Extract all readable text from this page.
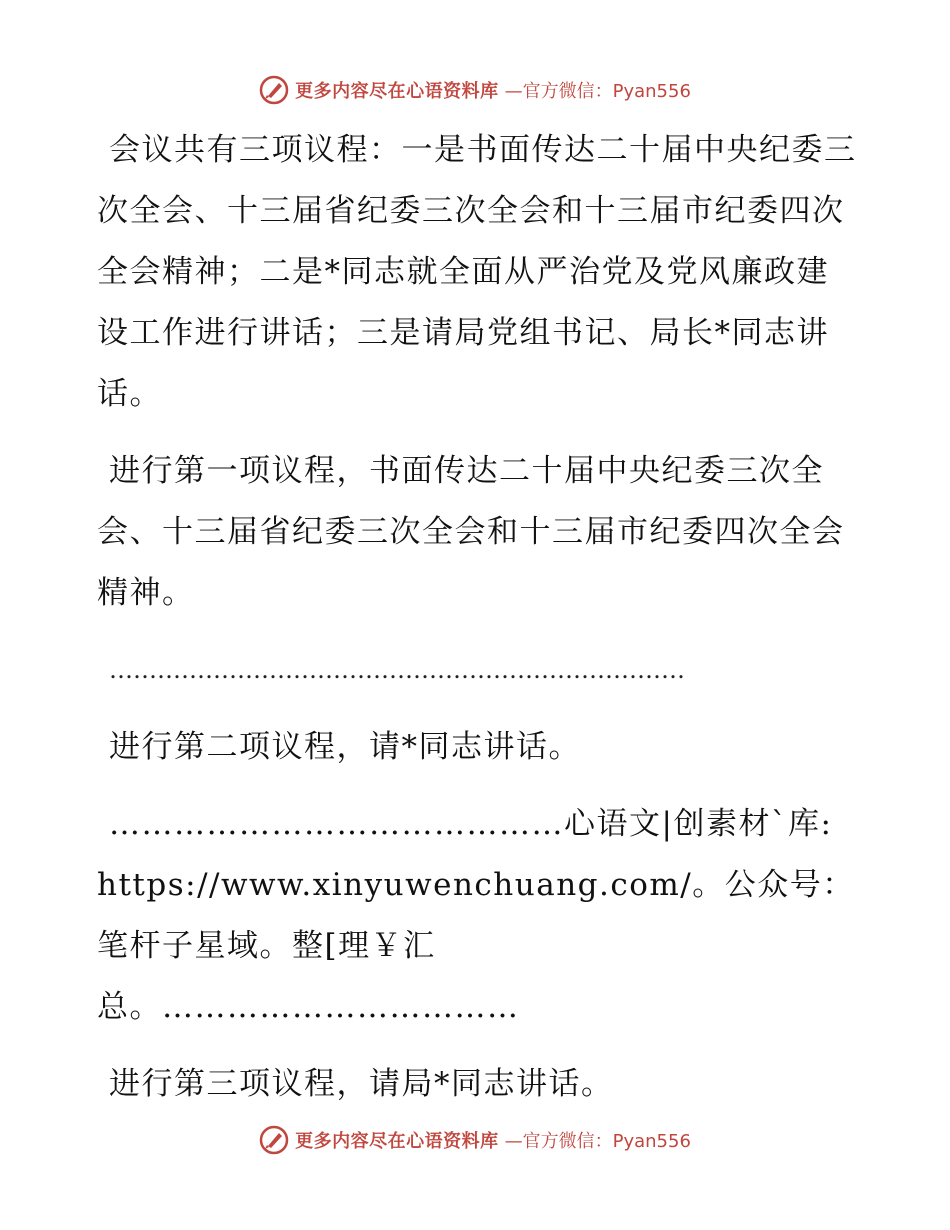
更多内容尽在心语资料库 —官方微信：Pyan556

会议共有三项议程：一是书面传达二十届中央纪委三次全会、十三届省纪委三次全会和十三届市纪委四次全会精神；二是*同志就全面从严治党及党风廉政建设工作进行讲话；三是请局党组书记、局长*同志讲话。

进行第一项议程，书面传达二十届中央纪委三次全会、十三届省纪委三次全会和十三届市纪委四次全会精神。

………………………………………………………………

进行第二项议程，请*同志讲话。

……………………………………心语文|创素材`库: https://www.xinyuwenchuang.com/。公众号：笔杆子星域。整[理￥汇总。……………………………

进行第三项议程，请局*同志讲话。

更多内容尽在心语资料库 —官方微信：Pyan556
